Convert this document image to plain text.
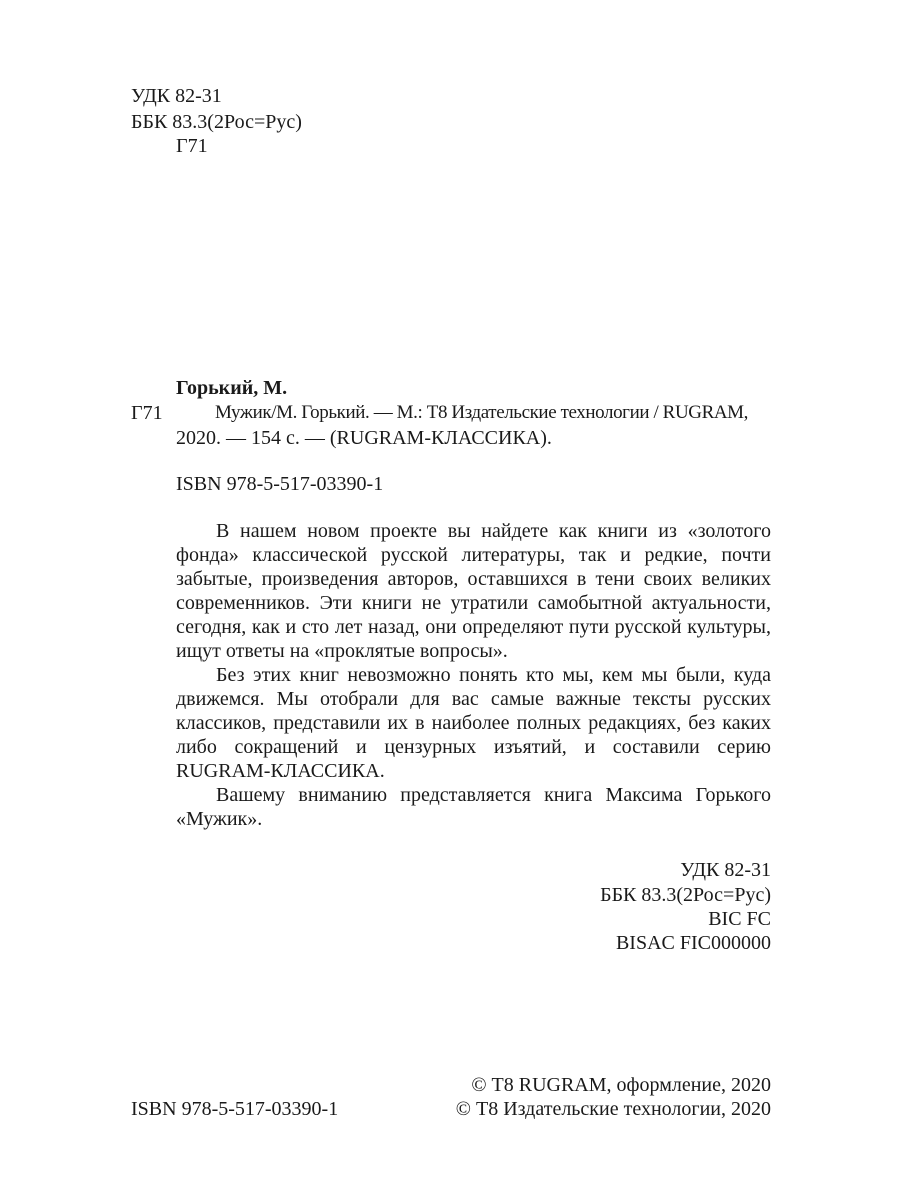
УДК 82-31
ББК 83.3(2Рос=Рус)
Г71
Горький, М.
Г71	Мужик/М. Горький. — М.: Т8 Издательские технологии / RUGRAM,
2020. — 154 с. — (RUGRAM-КЛАССИКА).
ISBN 978-5-517-03390-1

В нашем новом проекте вы найдете как книги из «золотого фонда» классической русской литературы, так и редкие, почти забытые, произведения авторов, оставшихся в тени своих великих современников. Эти книги не утратили самобытной актуальности, сегодня, как и сто лет назад, они определяют пути русской культуры, ищут ответы на «проклятые вопросы».

Без этих книг невозможно понять кто мы, кем мы были, куда движемся. Мы отобрали для вас самые важные тексты русских классиков, представили их в наиболее полных редакциях, без каких либо сокращений и цензурных изъятий, и составили серию RUGRAM-КЛАССИКА.

Вашему вниманию представляется книга Максима Горького «Мужик».

УДК 82-31
ББК 83.3(2Рос=Рус)
BIC FC
BISAC FIC000000
ISBN 978-5-517-03390-1
© Т8 RUGRAM, оформление, 2020
© Т8 Издательские технологии, 2020
